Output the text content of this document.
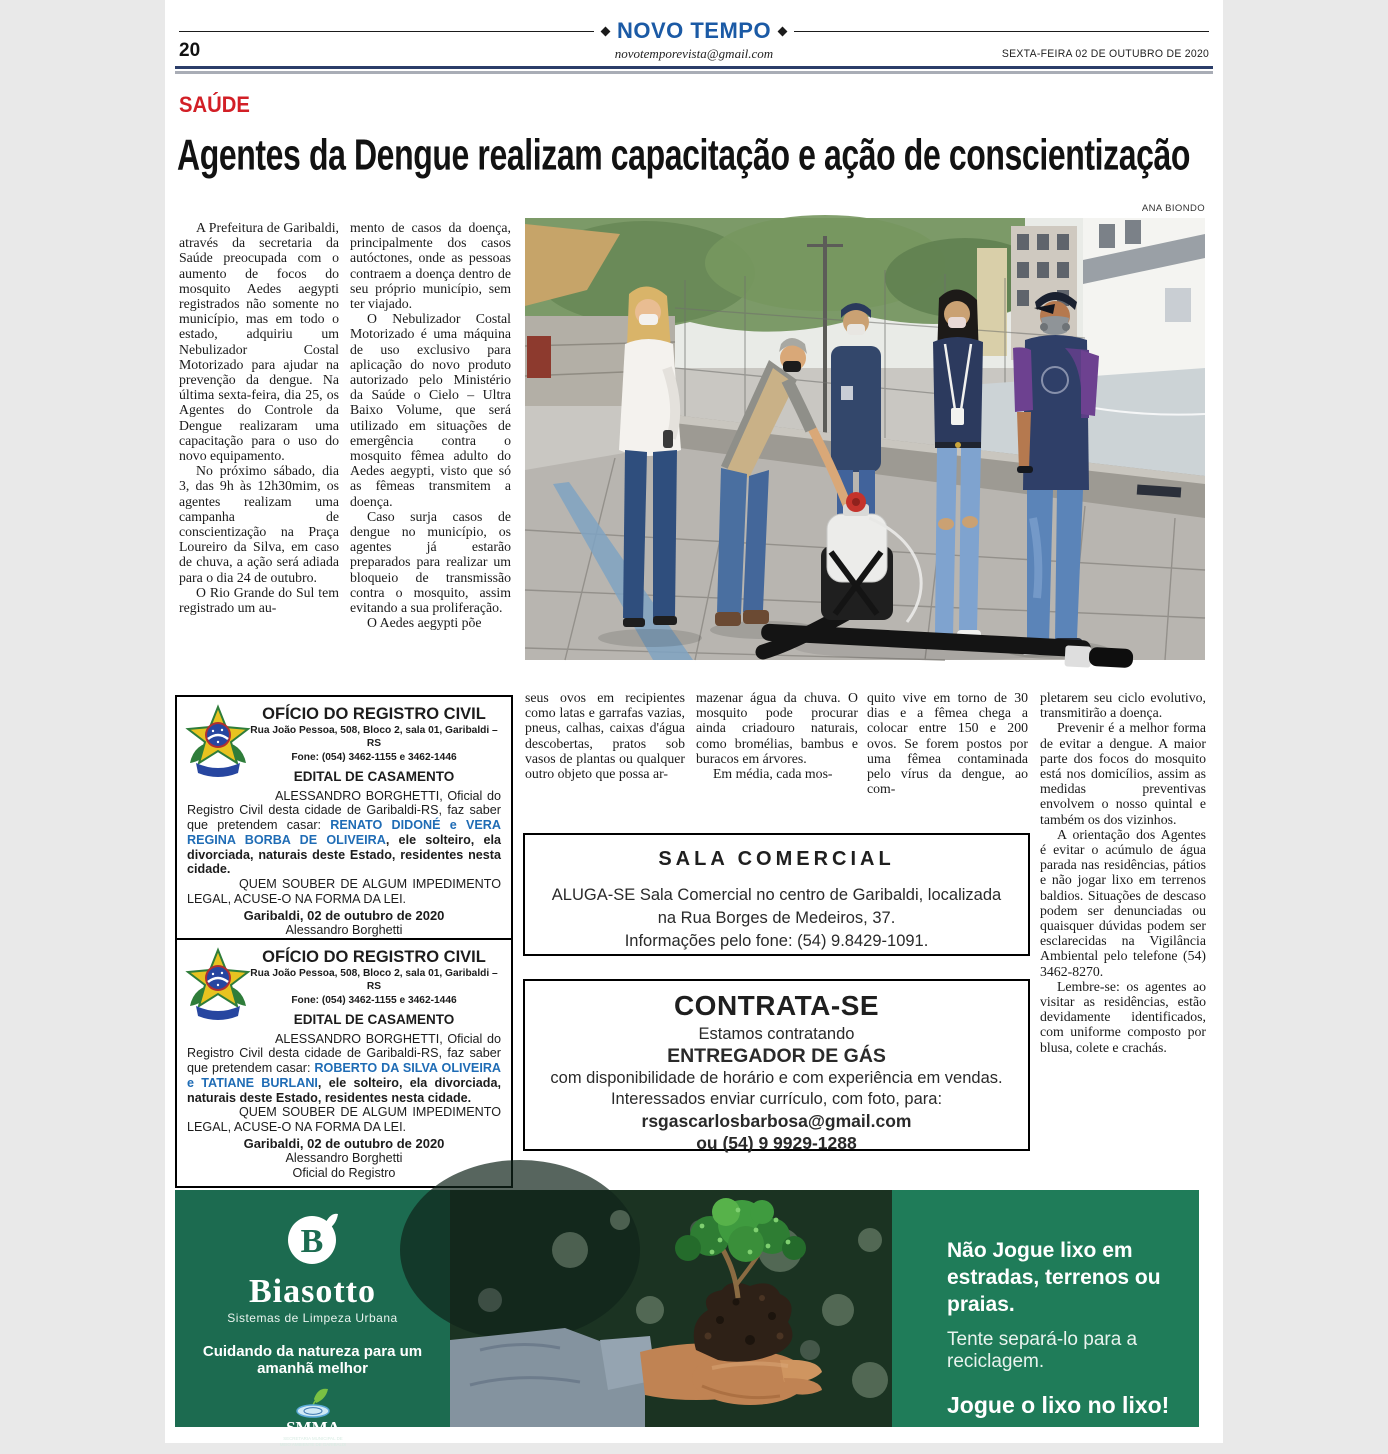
NOVO TEMPO
novotemporevista@gmail.com
20	SEXTA-FEIRA 02 DE OUTUBRO DE 2020
SAÚDE
Agentes da Dengue realizam capacitação e ação de conscientização
ANA BIONDO

A Prefeitura de Garibaldi, através da secretaria da Saúde preocupada com o aumento de focos do mosquito Aedes aegypti registrados não somente no município, mas em todo o estado, adquiriu um Nebulizador Costal Motorizado para ajudar na prevenção da dengue. Na última sexta-feira, dia 25, os Agentes do Controle da Dengue realizaram uma capacitação para o uso do novo equipamento.

No próximo sábado, dia 3, das 9h às 12h30mim, os agentes realizam uma campanha de conscientização na Praça Loureiro da Silva, em caso de chuva, a ação será adiada para o dia 24 de outubro.

O Rio Grande do Sul tem registrado um au-

mento de casos da doença, principalmente dos casos autóctones, onde as pessoas contraem a doença dentro de seu próprio município, sem ter viajado.

O Nebulizador Costal Motorizado é uma máquina de uso exclusivo para aplicação do novo produto autorizado pelo Ministério da Saúde o Cielo – Ultra Baixo Volume, que será utilizado em situações de emergência contra o mosquito fêmea adulto do Aedes aegypti, visto que só as fêmeas transmitem a doença.

Caso surja casos de dengue no município, os agentes já estarão preparados para realizar um bloqueio de transmissão contra o mosquito, assim evitando a sua proliferação.

O Aedes aegypti põe

seus ovos em recipientes como latas e garrafas vazias, pneus, calhas, caixas d'água descobertas, pratos sob vasos de plantas ou qualquer outro objeto que possa ar-

mazenar água da chuva. O mosquito pode procurar ainda criadouro naturais, como bromélias, bambus e buracos em árvores.

Em média, cada mos-

quito vive em torno de 30 dias e a fêmea chega a colocar entre 150 e 200 ovos. Se forem postos por uma fêmea contaminada pelo vírus da dengue, ao com-

pletarem seu ciclo evolutivo, transmitirão a doença.

Prevenir é a melhor forma de evitar a dengue. A maior parte dos focos do mosquito está nos domicílios, assim as medidas preventivas envolvem o nosso quintal e também os dos vizinhos.

A orientação dos Agentes é evitar o acúmulo de água parada nas residências, pátios e não jogar lixo em terrenos baldios. Situações de descaso podem ser denunciadas ou quaisquer dúvidas podem ser esclarecidas na Vigilância Ambiental pelo telefone (54) 3462-8270.

Lembre-se: os agentes ao visitar as residências, estão devidamente identificados, com uniforme composto por blusa, colete e crachás.

OFÍCIO DO REGISTRO CIVIL
Rua João Pessoa, 508, Bloco 2, sala 01, Garibaldi – RS
Fone: (054) 3462-1155 e 3462-1446
EDITAL DE CASAMENTO

ALESSANDRO BORGHETTI, Oficial do Registro Civil desta cidade de Garibaldi-RS, faz saber que pretendem casar: RENATO DIDONÉ e VERA REGINA BORBA DE OLIVEIRA, ele solteiro, ela divorciada, naturais deste Estado, residentes nesta cidade.

QUEM SOUBER DE ALGUM IMPEDIMENTO LEGAL, ACUSE-O NA FORMA DA LEI.

Garibaldi, 02 de outubro de 2020
Alessandro Borghetti
OFÍCIO DO REGISTRO CIVIL
Rua João Pessoa, 508, Bloco 2, sala 01, Garibaldi – RS
Fone: (054) 3462-1155 e 3462-1446
EDITAL DE CASAMENTO

ALESSANDRO BORGHETTI, Oficial do Registro Civil desta cidade de Garibaldi-RS, faz saber que pretendem casar: ROBERTO DA SILVA OLIVEIRA e TATIANE BURLANI, ele solteiro, ela divorciada, naturais deste Estado, residentes nesta cidade.

QUEM SOUBER DE ALGUM IMPEDIMENTO LEGAL, ACUSE-O NA FORMA DA LEI.

Garibaldi, 02 de outubro de 2020
Alessandro Borghetti
Oficial do Registro
SALA COMERCIAL
ALUGA-SE Sala Comercial no centro de Garibaldi, localizada
na Rua Borges de Medeiros, 37.
Informações pelo fone: (54) 9.8429-1091.
CONTRATA-SE
Estamos contratando
ENTREGADOR DE GÁS
com disponibilidade de horário e com experiência em vendas.
Interessados enviar currículo, com foto, para:
rsgascarlosbarbosa@gmail.com
ou (54) 9 9929-1288
B
Biasotto
Sistemas de Limpeza Urbana
Cuidando da natureza para um amanhã melhor
SMMA
SECRETARIA MUNICIPAL DE
MEIO AMBIENTE DE GARIBALDI
Não Jogue lixo em estradas, terrenos ou praias.
Tente separá-lo para a reciclagem.
Jogue o lixo no lixo!
